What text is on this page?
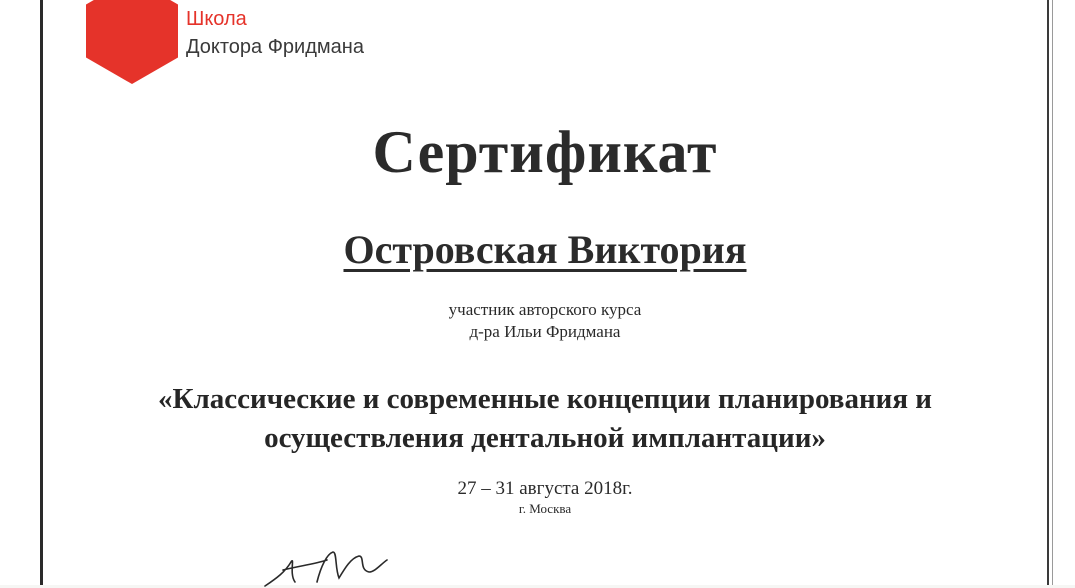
Школа
Доктора Фридмана
Сертификат
Островская Виктория
участник авторского курса
д-ра Ильи Фридмана
«Классические и современные концепции планирования и
осуществления дентальной имплантации»
27 – 31 августа 2018г.
г. Москва
